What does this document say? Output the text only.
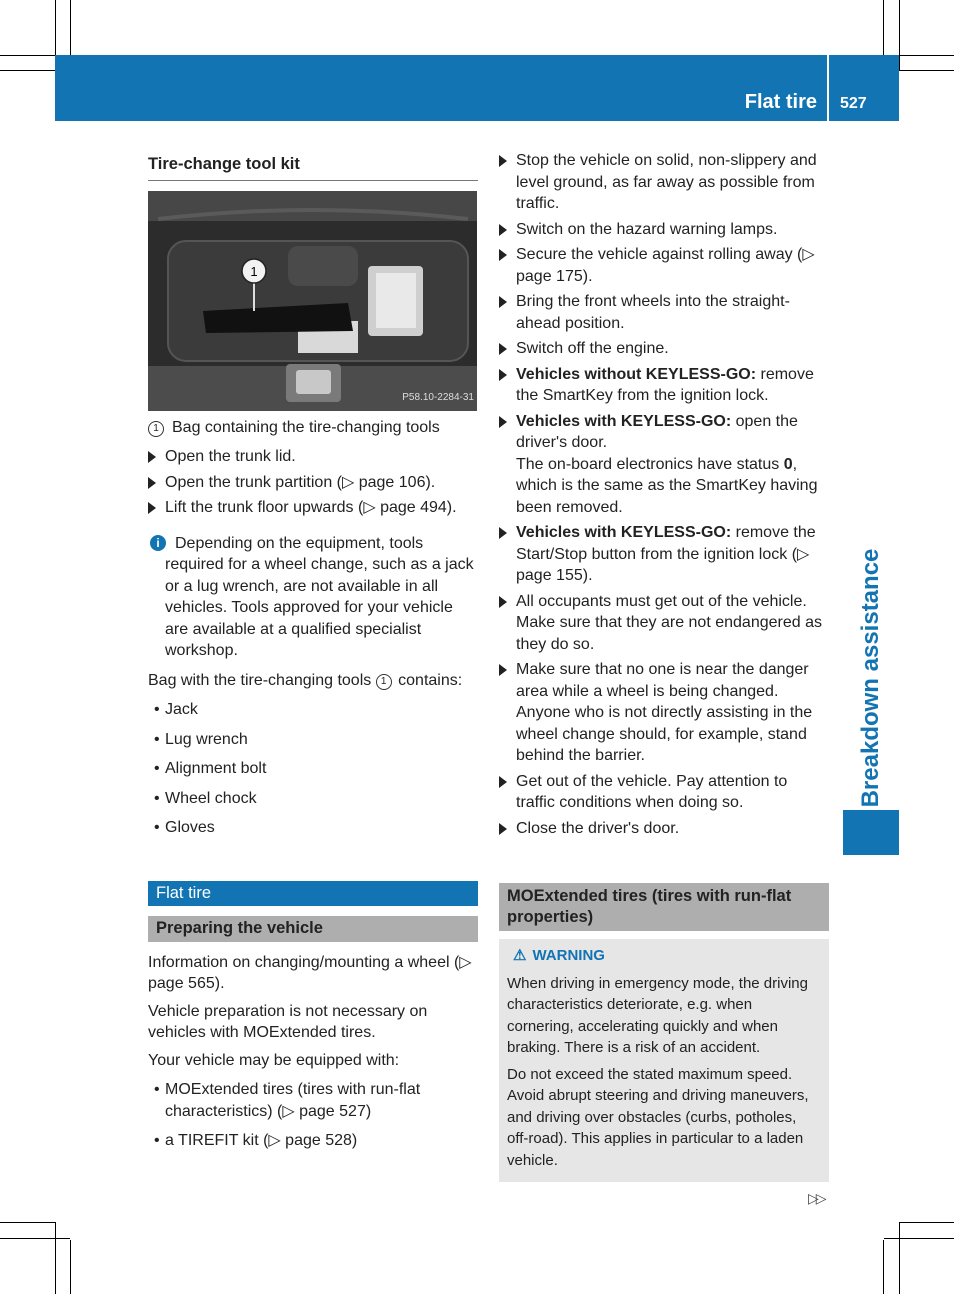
Flat tire 527
Breakdown assistance
Tire-change tool kit
1
P58.10-2284-31
1 Bag containing the tire-changing tools
Open the trunk lid.
Open the trunk partition (▷ page 106).
Lift the trunk floor upwards (▷ page 494).
i Depending on the equipment, tools required for a wheel change, such as a jack or a lug wrench, are not available in all vehicles. Tools approved for your vehicle are available at a qualified specialist workshop.

Bag with the tire-changing tools 1 contains:

• Jack
• Lug wrench
• Alignment bolt
• Wheel chock
• Gloves
Flat tire
Preparing the vehicle

Information on changing/mounting a wheel (▷ page 565).

Vehicle preparation is not necessary on vehicles with MOExtended tires.

Your vehicle may be equipped with:

• MOExtended tires (tires with run-flat characteristics) (▷ page 527)
• a TIREFIT kit (▷ page 528)
Stop the vehicle on solid, non-slippery and level ground, as far away as possible from traffic.
Switch on the hazard warning lamps.
Secure the vehicle against rolling away (▷ page 175).
Bring the front wheels into the straight-ahead position.
Switch off the engine.
Vehicles without KEYLESS-GO: remove the SmartKey from the ignition lock.
Vehicles with KEYLESS-GO: open the driver's door.
The on-board electronics have status 0, which is the same as the SmartKey having been removed.
Vehicles with KEYLESS-GO: remove the Start/Stop button from the ignition lock (▷ page 155).
All occupants must get out of the vehicle. Make sure that they are not endangered as they do so.
Make sure that no one is near the danger area while a wheel is being changed. Anyone who is not directly assisting in the wheel change should, for example, stand behind the barrier.
Get out of the vehicle. Pay attention to traffic conditions when doing so.
Close the driver's door.
MOExtended tires (tires with run-flat properties)
⚠ WARNING

When driving in emergency mode, the driving characteristics deteriorate, e.g. when cornering, accelerating quickly and when braking. There is a risk of an accident.

Do not exceed the stated maximum speed. Avoid abrupt steering and driving maneuvers, and driving over obstacles (curbs, potholes, off-road). This applies in particular to a laden vehicle.

▷▷
